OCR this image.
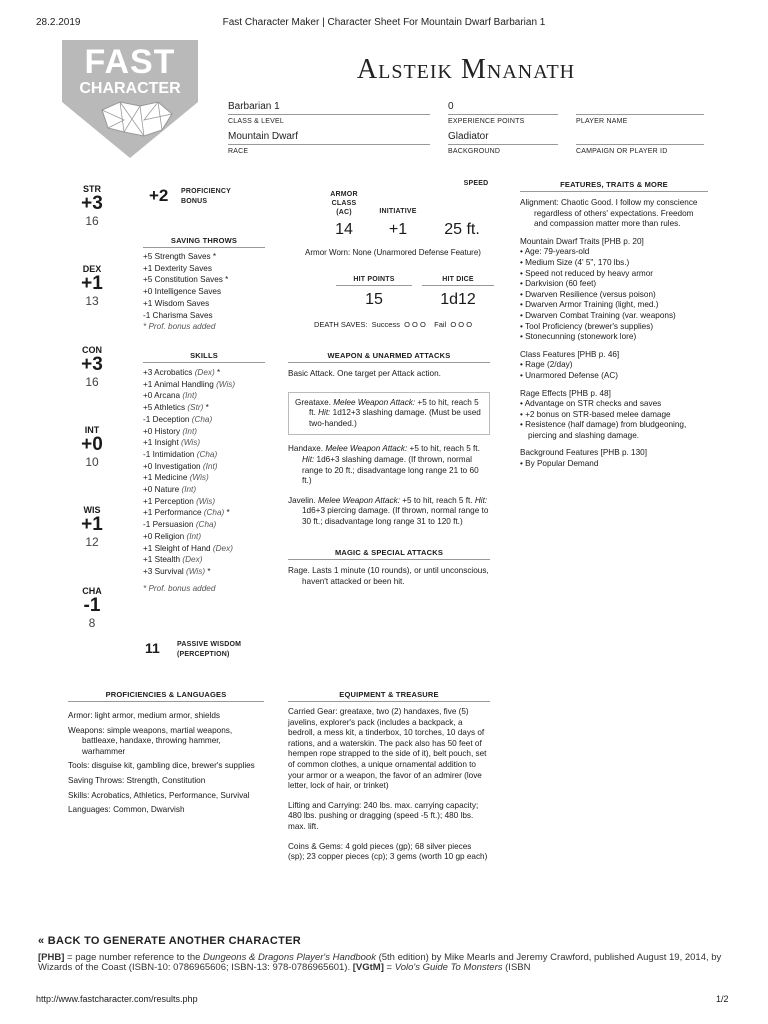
28.2.2019	Fast Character Maker | Character Sheet For Mountain Dwarf Barbarian 1
FAST
CHARACTER
Alsteik Mnanath
Barbarian 1
CLASS & LEVEL
0
EXPERIENCE POINTS	PLAYER NAME
Mountain Dwarf
RACE
Gladiator
BACKGROUND	CAMPAIGN OR PLAYER ID
STR
+3
16
DEX
+1
13
CON
+3
16
INT
+0
10
WIS
+1
12
CHA
-1
8
+2 PROFICIENCY
BONUS
SAVING THROWS
+5 Strength Saves *
+1 Dexterity Saves
+5 Constitution Saves *
+0 Intelligence Saves
+1 Wisdom Saves
-1 Charisma Saves
* Prof. bonus added
SKILLS
+3 Acrobatics (Dex) *
+1 Animal Handling (Wis)
+0 Arcana (Int)
+5 Athletics (Str) *
-1 Deception (Cha)
+0 History (Int)
+1 Insight (Wis)
-1 Intimidation (Cha)
+0 Investigation (Int)
+1 Medicine (Wis)
+0 Nature (Int)
+1 Perception (Wis)
+1 Performance (Cha) *
-1 Persuasion (Cha)
+0 Religion (Int)
+1 Sleight of Hand (Dex)
+1 Stealth (Dex)
+3 Survival (Wis) *
* Prof. bonus added
11 PASSIVE WISDOM
(PERCEPTION)
ARMOR
CLASS
(AC)	INITIATIVE
SPEED
14	+1	25 ft.
Armor Worn: None (Unarmored Defense Feature)
HIT POINTS	HIT DICE
15	1d12
DEATH SAVES:  Success  O O O    Fail  O O O
WEAPON & UNARMED ATTACKS
Basic Attack. One target per Attack action.
Greataxe. Melee Weapon Attack: +5 to hit, reach 5 ft. Hit: 1d12+3 slashing damage. (Must be used two-handed.)
Handaxe. Melee Weapon Attack: +5 to hit, reach 5 ft. Hit: 1d6+3 slashing damage. (If thrown, normal range to 20 ft.; disadvantage long range 21 to 60 ft.)
Javelin. Melee Weapon Attack: +5 to hit, reach 5 ft. Hit: 1d6+3 piercing damage. (If thrown, normal range to 30 ft.; disadvantage long range 31 to 120 ft.)
MAGIC & SPECIAL ATTACKS
Rage. Lasts 1 minute (10 rounds), or until unconscious, haven't attacked or been hit.
FEATURES, TRAITS & MORE

Alignment: Chaotic Good. I follow my conscience regardless of others' expectations. Freedom and compassion matter more than rules.

Mountain Dwarf Traits [PHB p. 20]
• Age: 79-years-old
• Medium Size (4' 5", 170 lbs.)
• Speed not reduced by heavy armor
• Darkvision (60 feet)
• Dwarven Resilience (versus poison)
• Dwarven Armor Training (light, med.)
• Dwarven Combat Training (var. weapons)
• Tool Proficiency (brewer's supplies)
• Stonecunning (stonework lore)
Class Features [PHB p. 46]
• Rage (2/day)
• Unarmored Defense (AC)
Rage Effects [PHB p. 48]
• Advantage on STR checks and saves
• +2 bonus on STR-based melee damage
• Resistence (half damage) from bludgeoning, piercing and slashing damage.
Background Features [PHB p. 130]
• By Popular Demand
PROFICIENCIES & LANGUAGES

Armor: light armor, medium armor, shields

Weapons: simple weapons, martial weapons, battleaxe, handaxe, throwing hammer, warhammer

Tools: disguise kit, gambling dice, brewer's supplies

Saving Throws: Strength, Constitution

Skills: Acrobatics, Athletics, Performance, Survival

Languages: Common, Dwarvish

EQUIPMENT & TREASURE

Carried Gear: greataxe, two (2) handaxes, five (5) javelins, explorer's pack (includes a backpack, a bedroll, a mess kit, a tinderbox, 10 torches, 10 days of rations, and a waterskin. The pack also has 50 feet of hempen rope strapped to the side of it), belt pouch, set of common clothes, a unique ornamental addition to your armor or a weapon, the favor of an admirer (love letter, lock of hair, or trinket)

Lifting and Carrying: 240 lbs. max. carrying capacity; 480 lbs. pushing or dragging (speed -5 ft.); 480 lbs. max. lift.

Coins & Gems: 4 gold pieces (gp); 68 silver pieces (sp); 23 copper pieces (cp); 3 gems (worth 10 gp each)

« BACK TO GENERATE ANOTHER CHARACTER
[PHB] = page number reference to the Dungeons & Dragons Player's Handbook (5th edition) by Mike Mearls and Jeremy Crawford, published August 19, 2014, by Wizards of the Coast (ISBN-10: 0786965606; ISBN-13: 978-0786965601). [VGtM] = Volo's Guide To Monsters (ISBN
http://www.fastcharacter.com/results.php	1/2
